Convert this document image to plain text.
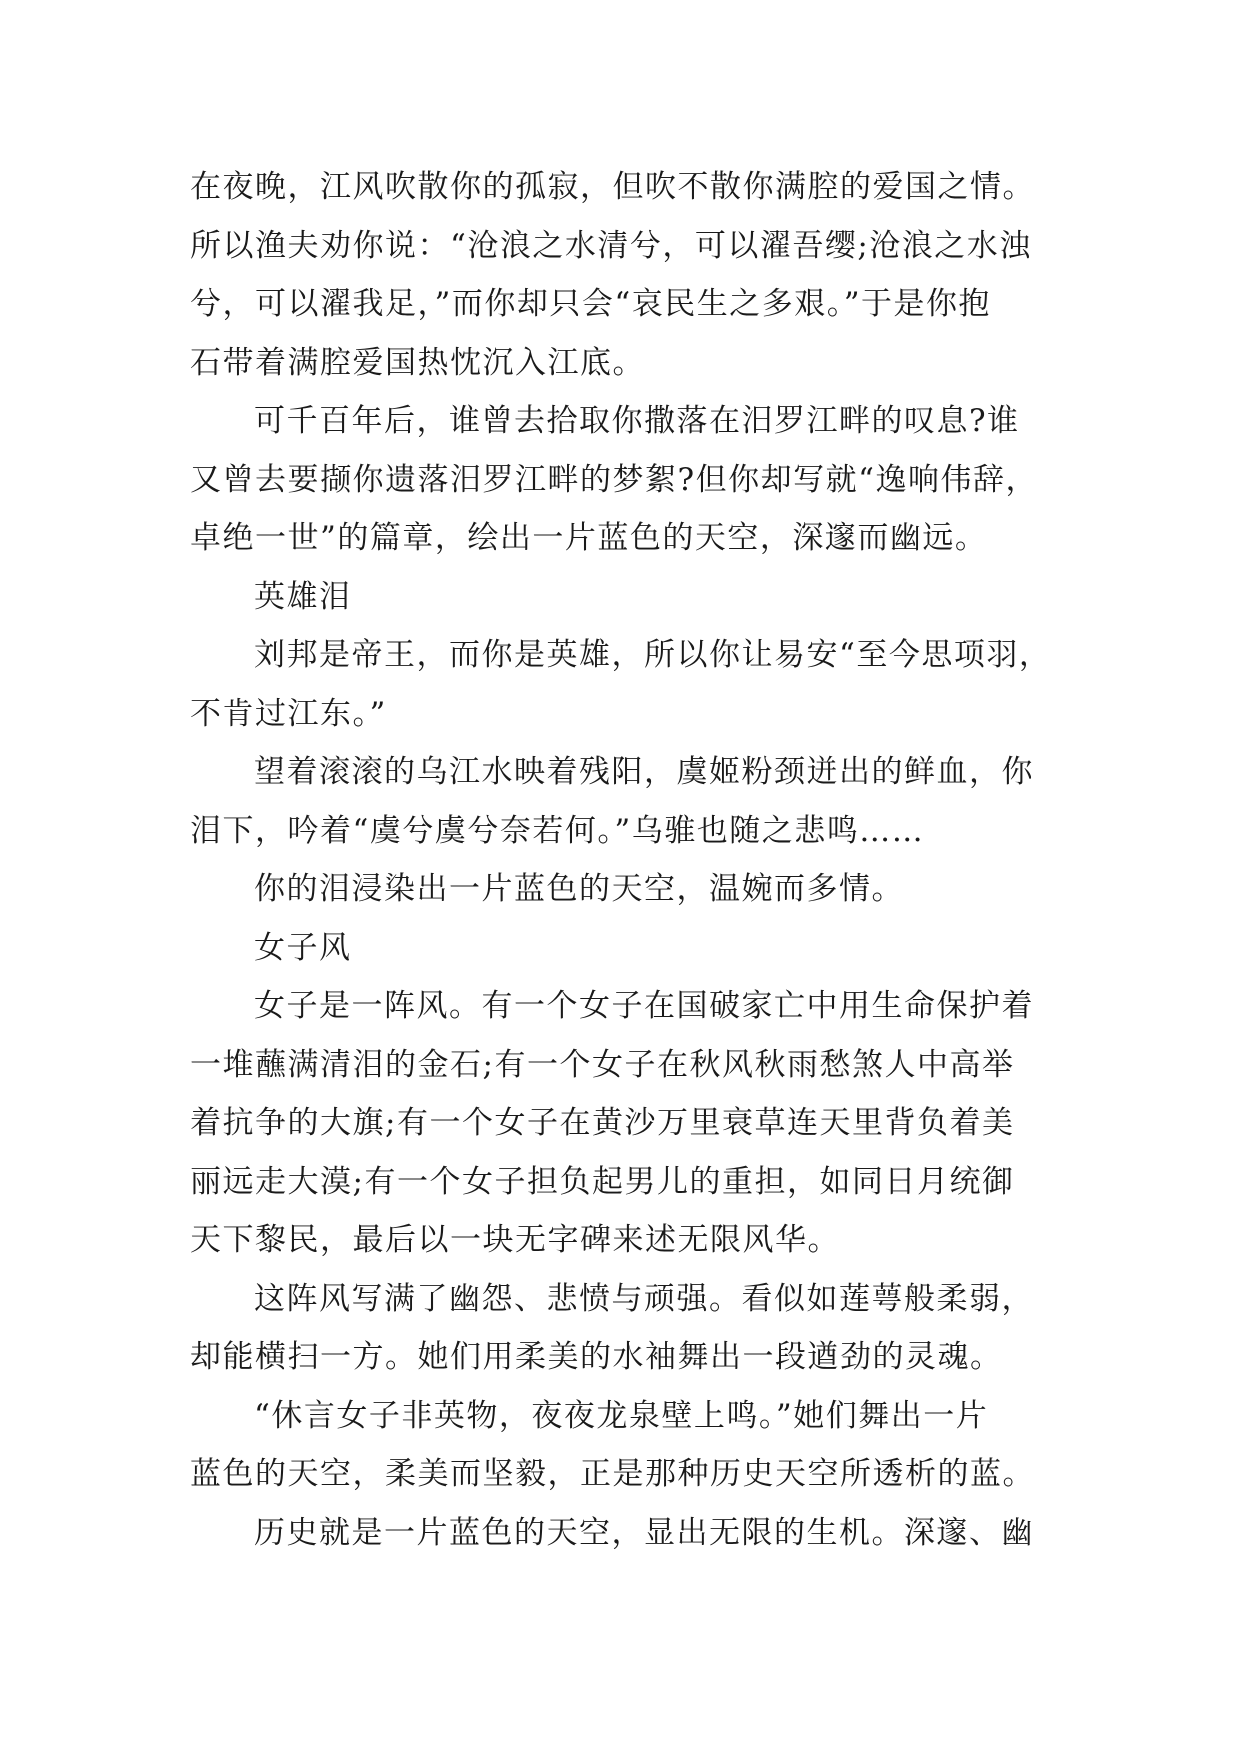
在夜晚，江风吹散你的孤寂，但吹不散你满腔的爱国之情。
所以渔夫劝你说：“沧浪之水清兮，可以濯吾缨;沧浪之水浊
兮，可以濯我足，”而你却只会“哀民生之多艰。”于是你抱
石带着满腔爱国热忱沉入江底。
可千百年后，谁曾去拾取你撒落在汨罗江畔的叹息?谁
又曾去要撷你遗落汨罗江畔的梦絮?但你却写就“逸响伟辞，
卓绝一世”的篇章，绘出一片蓝色的天空，深邃而幽远。
英雄泪
刘邦是帝王，而你是英雄，所以你让易安“至今思项羽，
不肯过江东。”
望着滚滚的乌江水映着残阳，虞姬粉颈迸出的鲜血，你
泪下，吟着“虞兮虞兮奈若何。”乌骓也随之悲鸣……
你的泪浸染出一片蓝色的天空，温婉而多情。
女子风
女子是一阵风。有一个女子在国破家亡中用生命保护着
一堆蘸满清泪的金石;有一个女子在秋风秋雨愁煞人中高举
着抗争的大旗;有一个女子在黄沙万里衰草连天里背负着美
丽远走大漠;有一个女子担负起男儿的重担，如同日月统御
天下黎民，最后以一块无字碑来述无限风华。
这阵风写满了幽怨、悲愤与顽强。看似如莲萼般柔弱，
却能横扫一方。她们用柔美的水袖舞出一段遒劲的灵魂。
“休言女子非英物，夜夜龙泉壁上鸣。”她们舞出一片
蓝色的天空，柔美而坚毅，正是那种历史天空所透析的蓝。
历史就是一片蓝色的天空，显出无限的生机。深邃、幽
